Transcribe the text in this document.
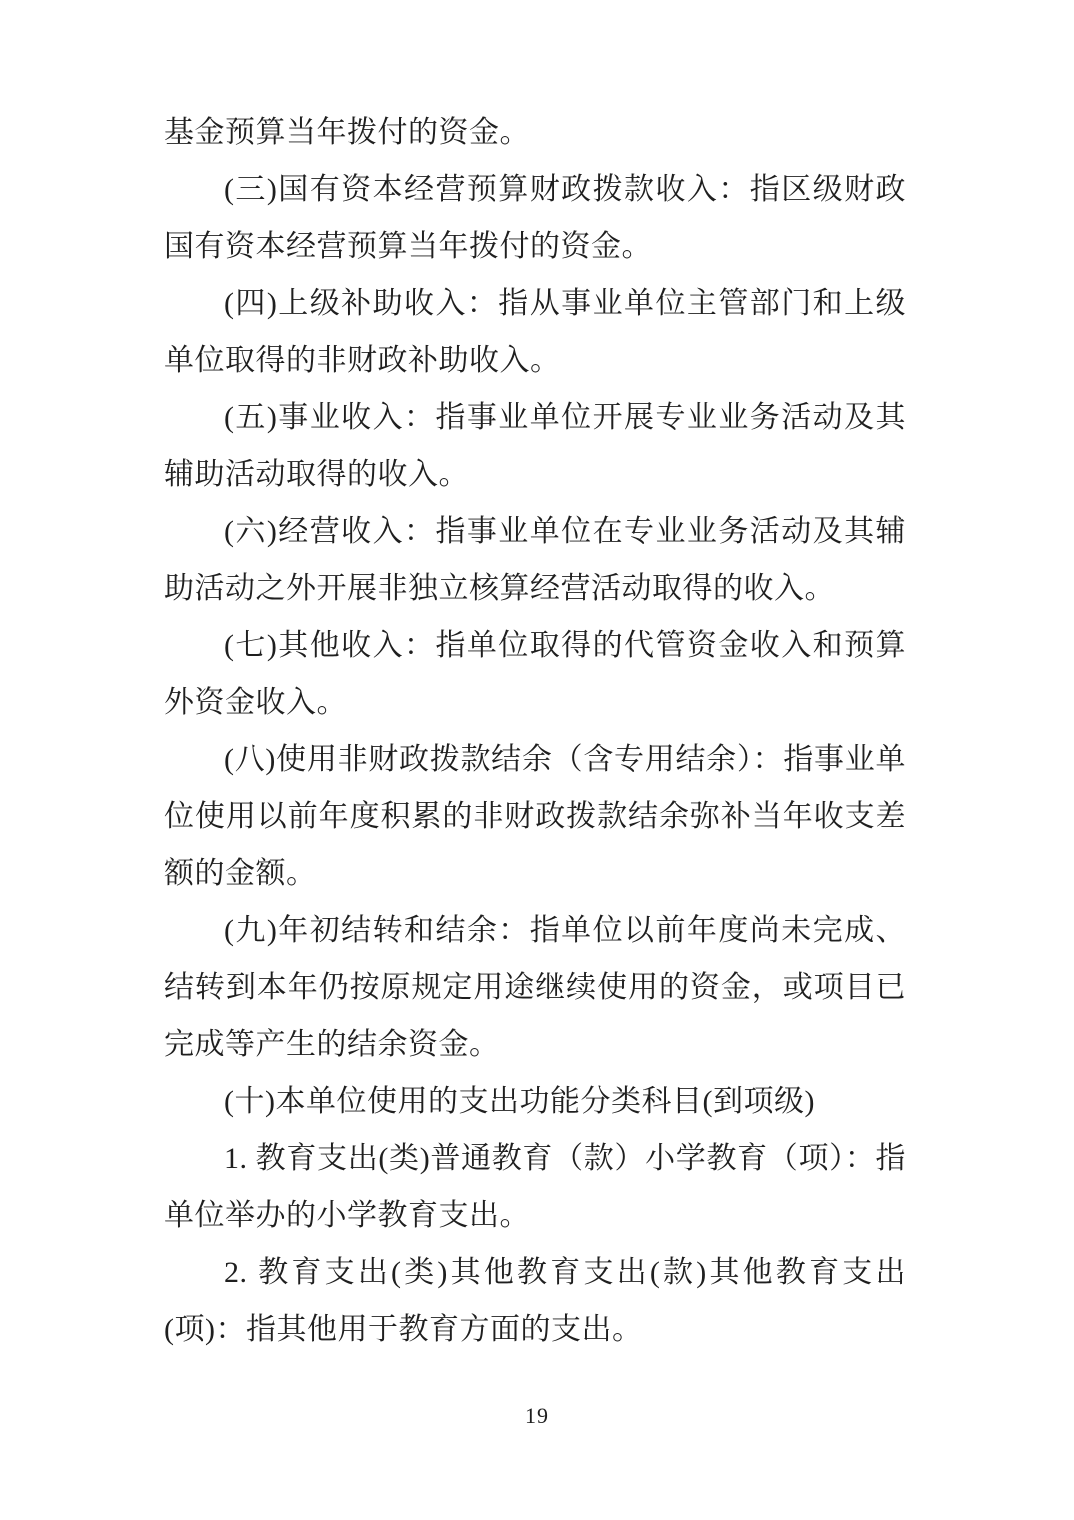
基金预算当年拨付的资金。

(三)国有资本经营预算财政拨款收入：指区级财政国有资本经营预算当年拨付的资金。

(四)上级补助收入：指从事业单位主管部门和上级单位取得的非财政补助收入。

(五)事业收入：指事业单位开展专业业务活动及其辅助活动取得的收入。

(六)经营收入：指事业单位在专业业务活动及其辅助活动之外开展非独立核算经营活动取得的收入。

(七)其他收入：指单位取得的代管资金收入和预算外资金收入。

(八)使用非财政拨款结余（含专用结余）：指事业单位使用以前年度积累的非财政拨款结余弥补当年收支差额的金额。

(九)年初结转和结余：指单位以前年度尚未完成、结转到本年仍按原规定用途继续使用的资金，或项目已完成等产生的结余资金。

(十)本单位使用的支出功能分类科目(到项级)

1. 教育支出(类)普通教育（款）小学教育（项）：指单位举办的小学教育支出。

2. 教育支出(类)其他教育支出(款)其他教育支出(项)：指其他用于教育方面的支出。

19
